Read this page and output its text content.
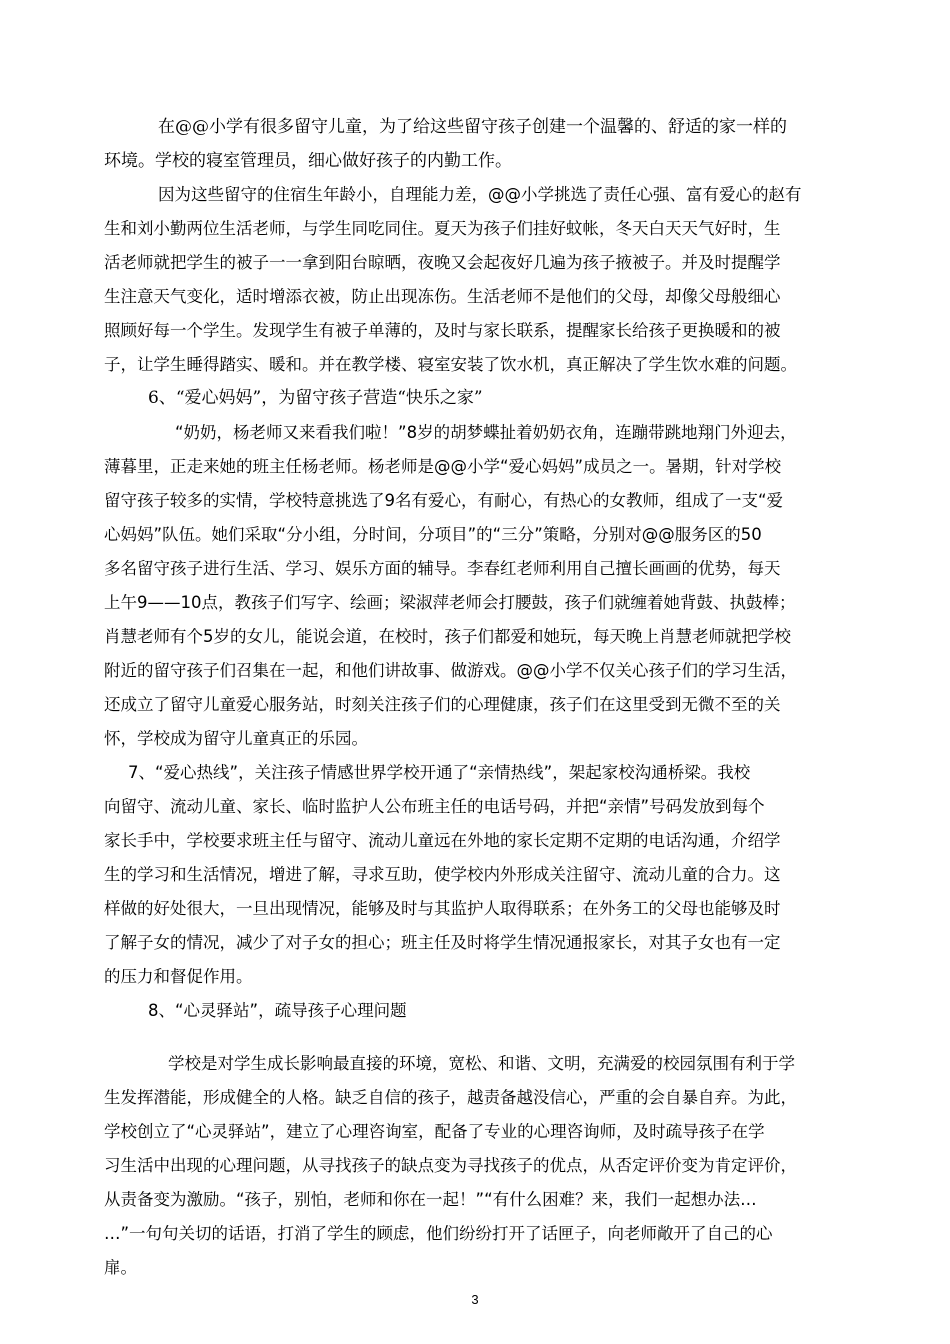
在@@小学有很多留守儿童，为了给这些留守孩子创建一个温馨的、舒适的家一样的

环境。学校的寝室管理员，细心做好孩子的内勤工作。

因为这些留守的住宿生年龄小，自理能力差，@@小学挑选了责任心强、富有爱心的赵有

生和刘小勤两位生活老师，与学生同吃同住。夏天为孩子们挂好蚊帐，冬天白天天气好时，生

活老师就把学生的被子一一拿到阳台晾晒，夜晚又会起夜好几遍为孩子掖被子。并及时提醒学

生注意天气变化，适时增添衣被，防止出现冻伤。生活老师不是他们的父母，却像父母般细心

照顾好每一个学生。发现学生有被子单薄的，及时与家长联系，提醒家长给孩子更换暖和的被

子，让学生睡得踏实、暖和。并在教学楼、寝室安装了饮水机，真正解决了学生饮水难的问题。

6、“爱心妈妈”，为留守孩子营造“快乐之家”

“奶奶，杨老师又来看我们啦！”8岁的胡梦蝶扯着奶奶衣角，连蹦带跳地翔门外迎去，

薄暮里，正走来她的班主任杨老师。杨老师是@@小学“爱心妈妈”成员之一。暑期，针对学校

留守孩子较多的实情，学校特意挑选了9名有爱心，有耐心，有热心的女教师，组成了一支“爱

心妈妈”队伍。她们采取“分小组，分时间，分项目”的“三分”策略，分别对@@服务区的50

多名留守孩子进行生活、学习、娱乐方面的辅导。李春红老师利用自己擅长画画的优势，每天

上午9——10点，教孩子们写字、绘画；梁淑萍老师会打腰鼓，孩子们就缠着她背鼓、执鼓棒；

肖慧老师有个5岁的女儿，能说会道，在校时，孩子们都爱和她玩，每天晚上肖慧老师就把学校

附近的留守孩子们召集在一起，和他们讲故事、做游戏。@@小学不仅关心孩子们的学习生活，

还成立了留守儿童爱心服务站，时刻关注孩子们的心理健康，孩子们在这里受到无微不至的关

怀，学校成为留守儿童真正的乐园。

7、“爱心热线”，关注孩子情感世界学校开通了“亲情热线”，架起家校沟通桥梁。我校

向留守、流动儿童、家长、临时监护人公布班主任的电话号码，并把“亲情”号码发放到每个

家长手中，学校要求班主任与留守、流动儿童远在外地的家长定期不定期的电话沟通，介绍学

生的学习和生活情况，增进了解，寻求互助，使学校内外形成关注留守、流动儿童的合力。这

样做的好处很大，一旦出现情况，能够及时与其监护人取得联系；在外务工的父母也能够及时

了解子女的情况，减少了对子女的担心；班主任及时将学生情况通报家长，对其子女也有一定

的压力和督促作用。

8、“心灵驿站”，疏导孩子心理问题

学校是对学生成长影响最直接的环境，宽松、和谐、文明，充满爱的校园氛围有利于学

生发挥潜能，形成健全的人格。缺乏自信的孩子，越责备越没信心，严重的会自暴自弃。为此，

学校创立了“心灵驿站”，建立了心理咨询室，配备了专业的心理咨询师，及时疏导孩子在学

习生活中出现的心理问题，从寻找孩子的缺点变为寻找孩子的优点，从否定评价变为肯定评价，

从责备变为激励。“孩子，别怕，老师和你在一起！”“有什么困难？来，我们一起想办法…

…”一句句关切的话语，打消了学生的顾虑，他们纷纷打开了话匣子，向老师敞开了自己的心

扉。

3
